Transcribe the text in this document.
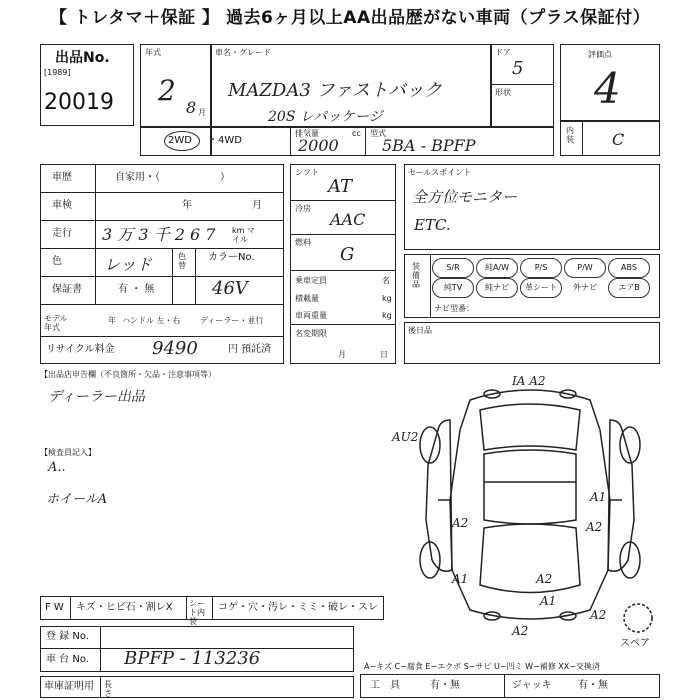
【 トレタマ＋保証 】 過去6ヶ月以上AA出品歴がない車両（プラス保証付）
出品No.
[1989]
20019
年式
2
8 月
車名・グレード
MAZDA3 ファストバック
20S レパッケージ
ドア
5
形状
2WD ・4WD
排気量	cc
2000
型式
5BA - BPFP
評価点
4
内装 C
車歴	自家用・（　　　　　　）
車検	年	月
走行 3 万 3 千 2 6 7 km マイル
色	レッド	色替
カラーNo.
46V
保証書	有 ・ 無
モデル年式
年 ハンドル 左・右 ディーラー・並行
リサイクル料金 9490	円 預託済
シフト
AT
冷房
AAC
燃料
G
乗車定員	名
積載量	kg
車両重量	kg
名変期限
月	日
セールスポイント
全方位モニター
ETC.
装備品
S/R	純A/W	P/S	P/W	ABS
純TV	純ナビ	革シート	外ナビ	エアB
ナビ型番：
後日品
【出品店申告欄（不良箇所・欠品・注意事項等）
ディーラー出品
【検査員記入】
A..
ホイールA
IA A2
AU2
A1
A2	A2
A1	A2
A1
A2
A2
スペア
F W キズ・ヒビ石・割レX シート内装
コゲ・穴・汚レ・ミミ・破レ・スレ
登 録 No.
車 台 No. BPFP - 113236
車庫証明用 長さ
A−キズ C−腐食 E−エクボ S−サビ U−凹ミ W−補修 XX−交換済
工　具	有・無	ジャッキ	有・無
